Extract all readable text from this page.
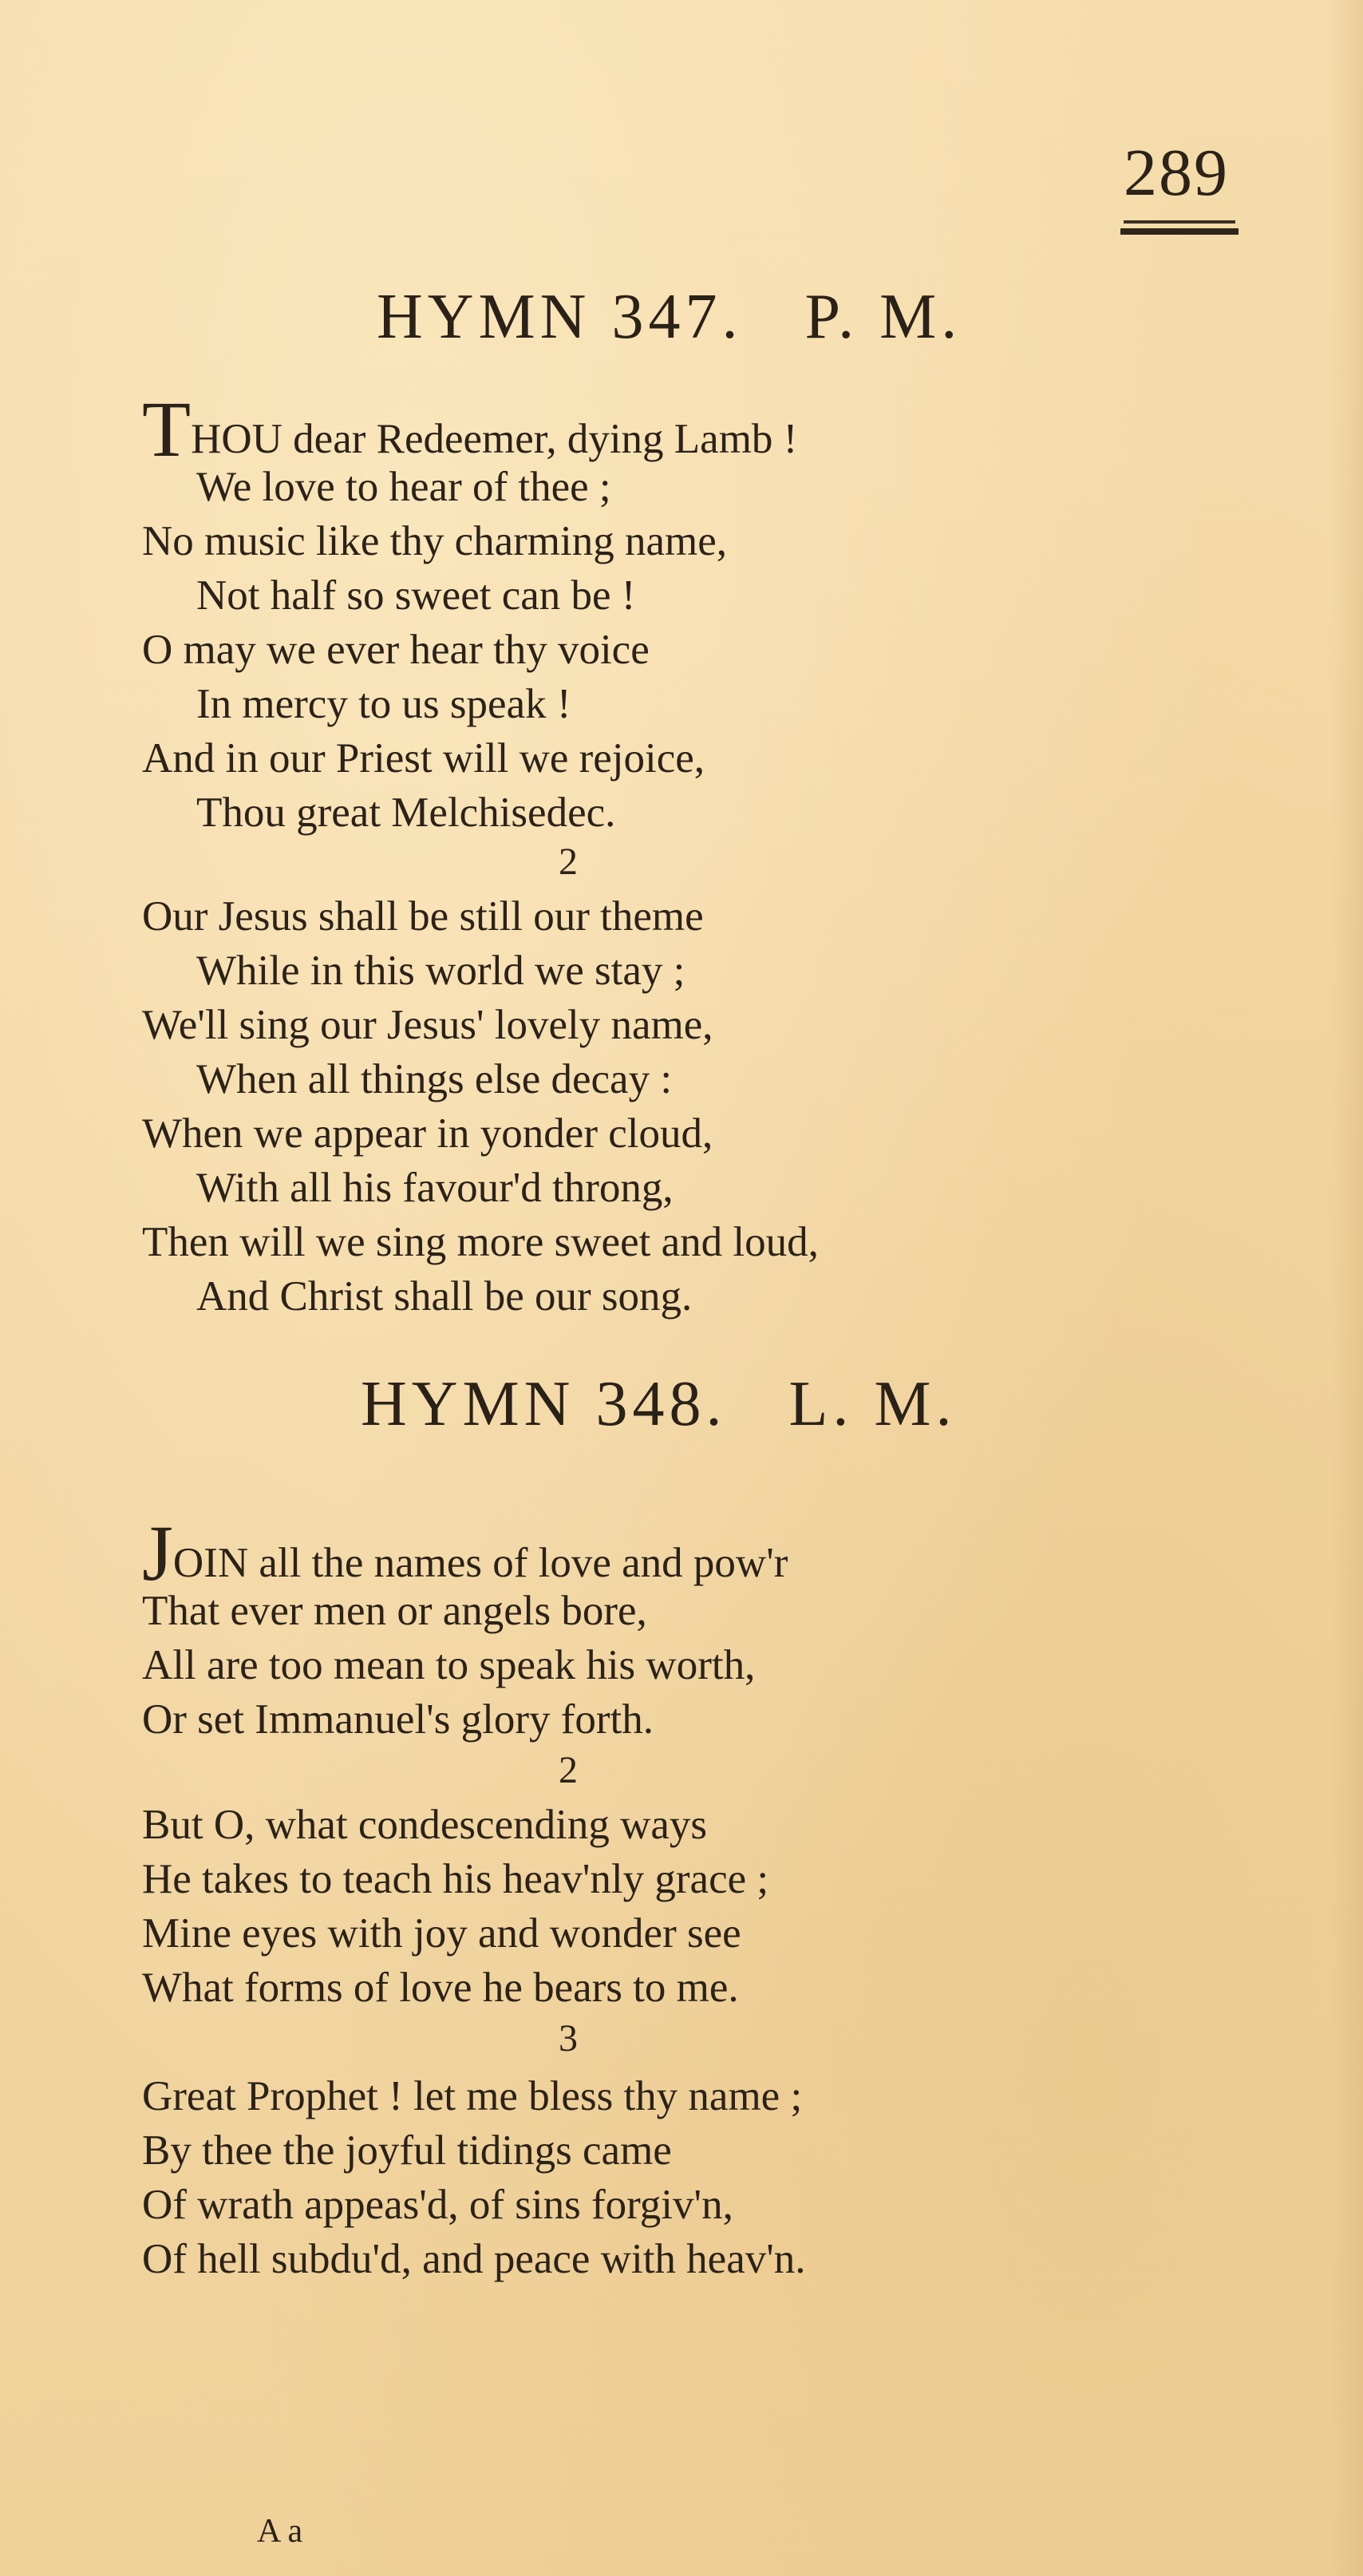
289
HYMN 347.   P. M.
THOU dear Redeemer, dying Lamb !
We love to hear of thee ;
No music like thy charming name,
Not half so sweet can be !
O may we ever hear thy voice
In mercy to us speak !
And in our Priest will we rejoice,
Thou great Melchisedec.
2
Our Jesus shall be still our theme
While in this world we stay ;
We'll sing our Jesus' lovely name,
When all things else decay :
When we appear in yonder cloud,
With all his favour'd throng,
Then will we sing more sweet and loud,
And Christ shall be our song.
HYMN 348.   L. M.
JOIN all the names of love and pow'r
That ever men or angels bore,
All are too mean to speak his worth,
Or set Immanuel's glory forth.
2
But O, what condescending ways
He takes to teach his heav'nly grace ;
Mine eyes with joy and wonder see
What forms of love he bears to me.
3
Great Prophet ! let me bless thy name ;
By thee the joyful tidings came
Of wrath appeas'd, of sins forgiv'n,
Of hell subdu'd, and peace with heav'n.
A a
